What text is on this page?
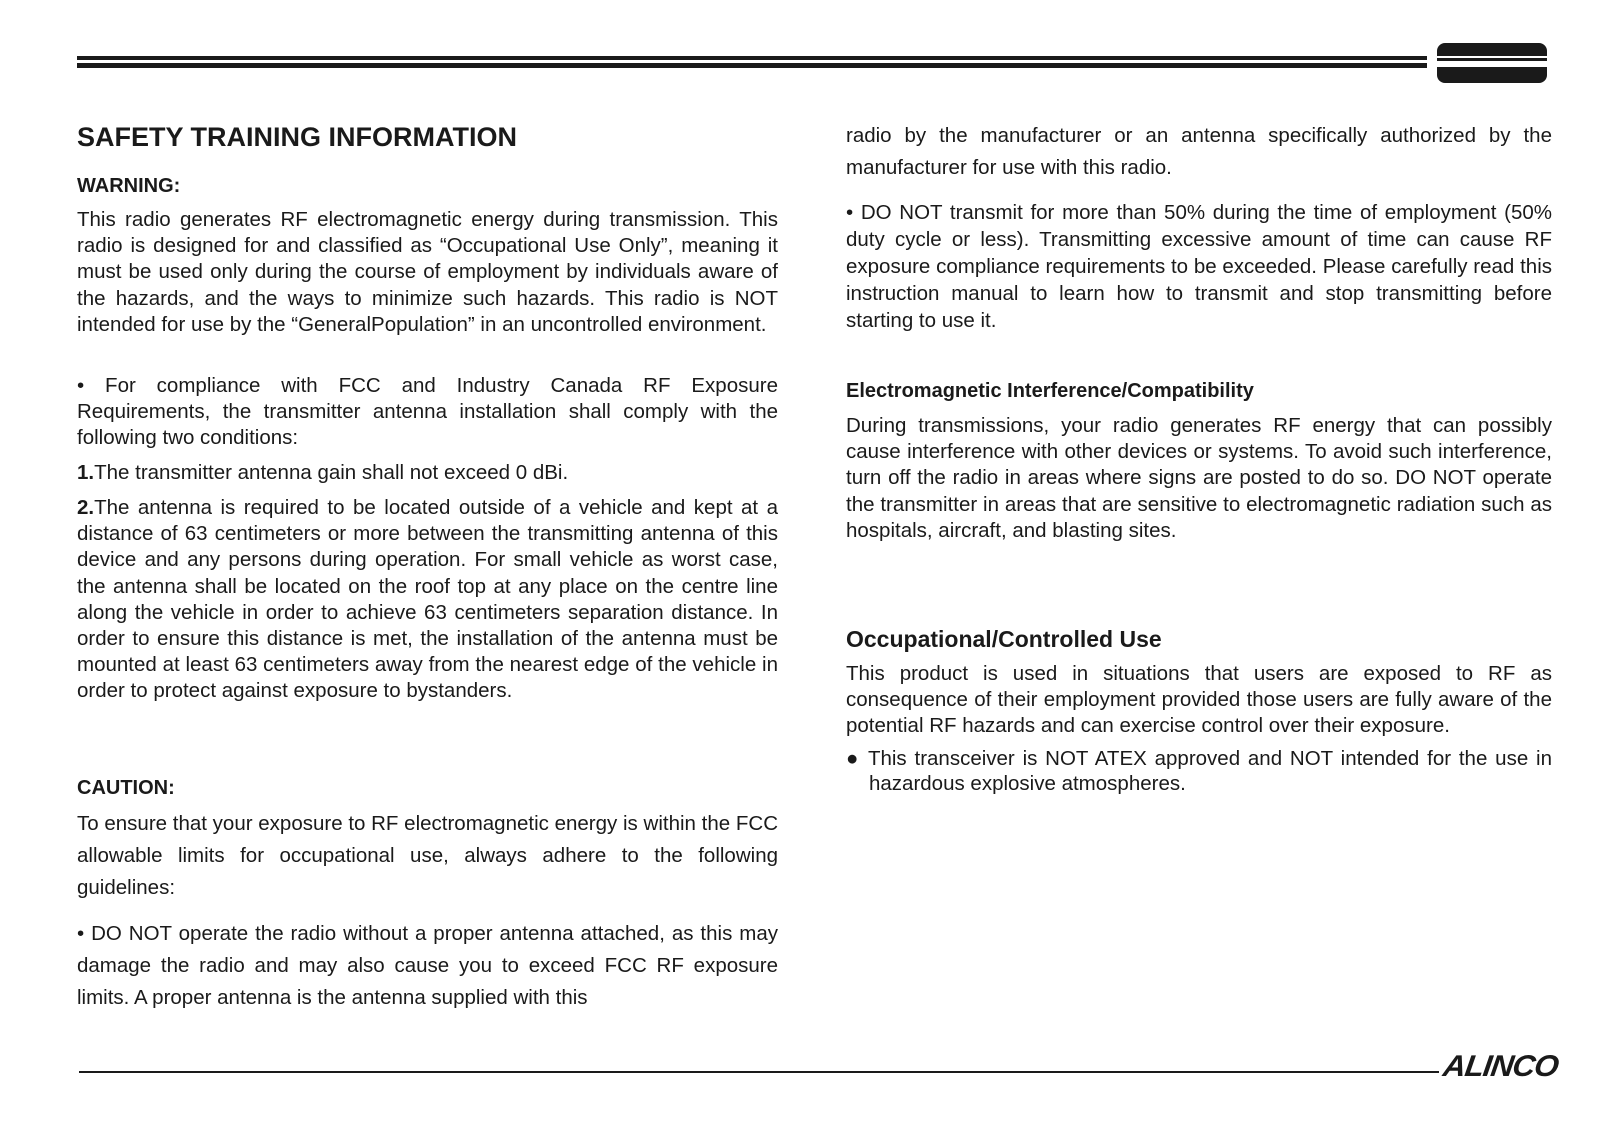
SAFETY TRAINING INFORMATION

WARNING:

This radio generates RF electromagnetic energy during transmission. This radio is designed for and classified as “Occupational Use Only”, meaning it must be used only during the course of employment by individuals aware of the hazards, and the ways to minimize such hazards. This radio is NOT intended for use by the “GeneralPopulation” in an uncontrolled environment.

• For compliance with FCC and Industry Canada RF Exposure Requirements, the transmitter antenna installation shall comply with the following two conditions:

1.The transmitter antenna gain shall not exceed 0 dBi.

2.The antenna is required to be located outside of a vehicle and kept at a distance of 63 centimeters or more between the transmitting antenna of this device and any persons during operation. For small vehicle as worst case, the antenna shall be located on the roof top at any place on the centre line along the vehicle in order to achieve 63 centimeters separation distance. In order to ensure this distance is met, the installation of the antenna must be mounted at least 63 centimeters away from the nearest edge of the vehicle in order to protect against exposure to bystanders.

CAUTION:

To ensure that your exposure to RF electromagnetic energy is within the FCC allowable limits for occupational use, always adhere to the following guidelines:

• DO NOT operate the radio without a proper antenna attached, as this may damage the radio and may also cause you to exceed FCC RF exposure limits. A proper antenna is the antenna supplied with this

radio by the manufacturer or an antenna specifically authorized by the manufacturer for use with this radio.

• DO NOT transmit for more than 50% during the time of employment (50% duty cycle or less). Transmitting excessive amount of time can cause RF exposure compliance requirements to be exceeded. Please carefully read this instruction manual to learn how to transmit and stop transmitting before starting to use it.

Electromagnetic Interference/Compatibility

During transmissions, your radio generates RF energy that can possibly cause interference with other devices or systems. To avoid such interference, turn off the radio in areas where signs are posted to do so. DO NOT operate the transmitter in areas that are sensitive to electromagnetic radiation such as hospitals, aircraft, and blasting sites.

Occupational/Controlled Use

This product is used in situations that users are exposed to RF as consequence of their employment provided those users are fully aware of the potential RF hazards and can exercise control over their exposure.

● This transceiver is NOT ATEX approved and NOT intended for the use in hazardous explosive atmospheres.

ALINCO
